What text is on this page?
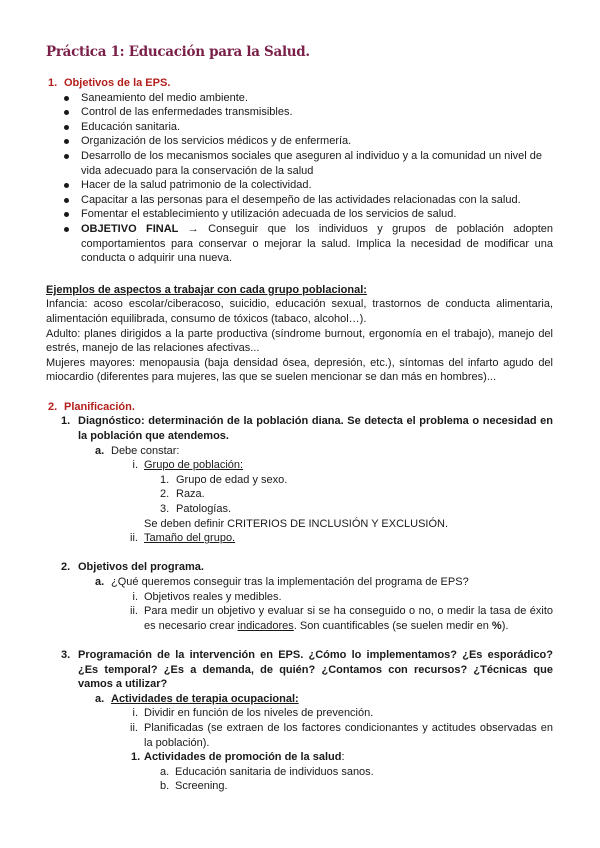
Práctica 1: Educación para la Salud.
1. Objetivos de la EPS.
Saneamiento del medio ambiente.
Control de las enfermedades transmisibles.
Educación sanitaria.
Organización de los servicios médicos y de enfermería.
Desarrollo de los mecanismos sociales que aseguren al individuo y a la comunidad un nivel de vida adecuado para la conservación de la salud
Hacer de la salud patrimonio de la colectividad.
Capacitar a las personas para el desempeño de las actividades relacionadas con la salud.
Fomentar el establecimiento y utilización adecuada de los servicios de salud.
OBJETIVO FINAL → Conseguir que los individuos y grupos de población adopten comportamientos para conservar o mejorar la salud. Implica la necesidad de modificar una conducta o adquirir una nueva.
Ejemplos de aspectos a trabajar con cada grupo poblacional:
Infancia: acoso escolar/ciberacoso, suicidio, educación sexual, trastornos de conducta alimentaria, alimentación equilibrada, consumo de tóxicos (tabaco, alcohol…).
Adulto: planes dirigidos a la parte productiva (síndrome burnout, ergonomía en el trabajo), manejo del estrés, manejo de las relaciones afectivas...
Mujeres mayores: menopausia (baja densidad ósea, depresión, etc.), síntomas del infarto agudo del miocardio (diferentes para mujeres, las que se suelen mencionar se dan más en hombres)...
2. Planificación.
1. Diagnóstico: determinación de la población diana. Se detecta el problema o necesidad en la población que atendemos.
a. Debe constar:
i. Grupo de población:
1. Grupo de edad y sexo.
2. Raza.
3. Patologías.
Se deben definir CRITERIOS DE INCLUSIÓN Y EXCLUSIÓN.
ii. Tamaño del grupo.
2. Objetivos del programa.
a. ¿Qué queremos conseguir tras la implementación del programa de EPS?
i. Objetivos reales y medibles.
ii. Para medir un objetivo y evaluar si se ha conseguido o no, o medir la tasa de éxito es necesario crear indicadores. Son cuantificables (se suelen medir en %).
3. Programación de la intervención en EPS. ¿Cómo lo implementamos? ¿Es esporádico? ¿Es temporal? ¿Es a demanda, de quién? ¿Contamos con recursos? ¿Técnicas que vamos a utilizar?
a. Actividades de terapia ocupacional:
i. Dividir en función de los niveles de prevención.
ii. Planificadas (se extraen de los factores condicionantes y actitudes observadas en la población).
1. Actividades de promoción de la salud:
a. Educación sanitaria de individuos sanos.
b. Screening.
